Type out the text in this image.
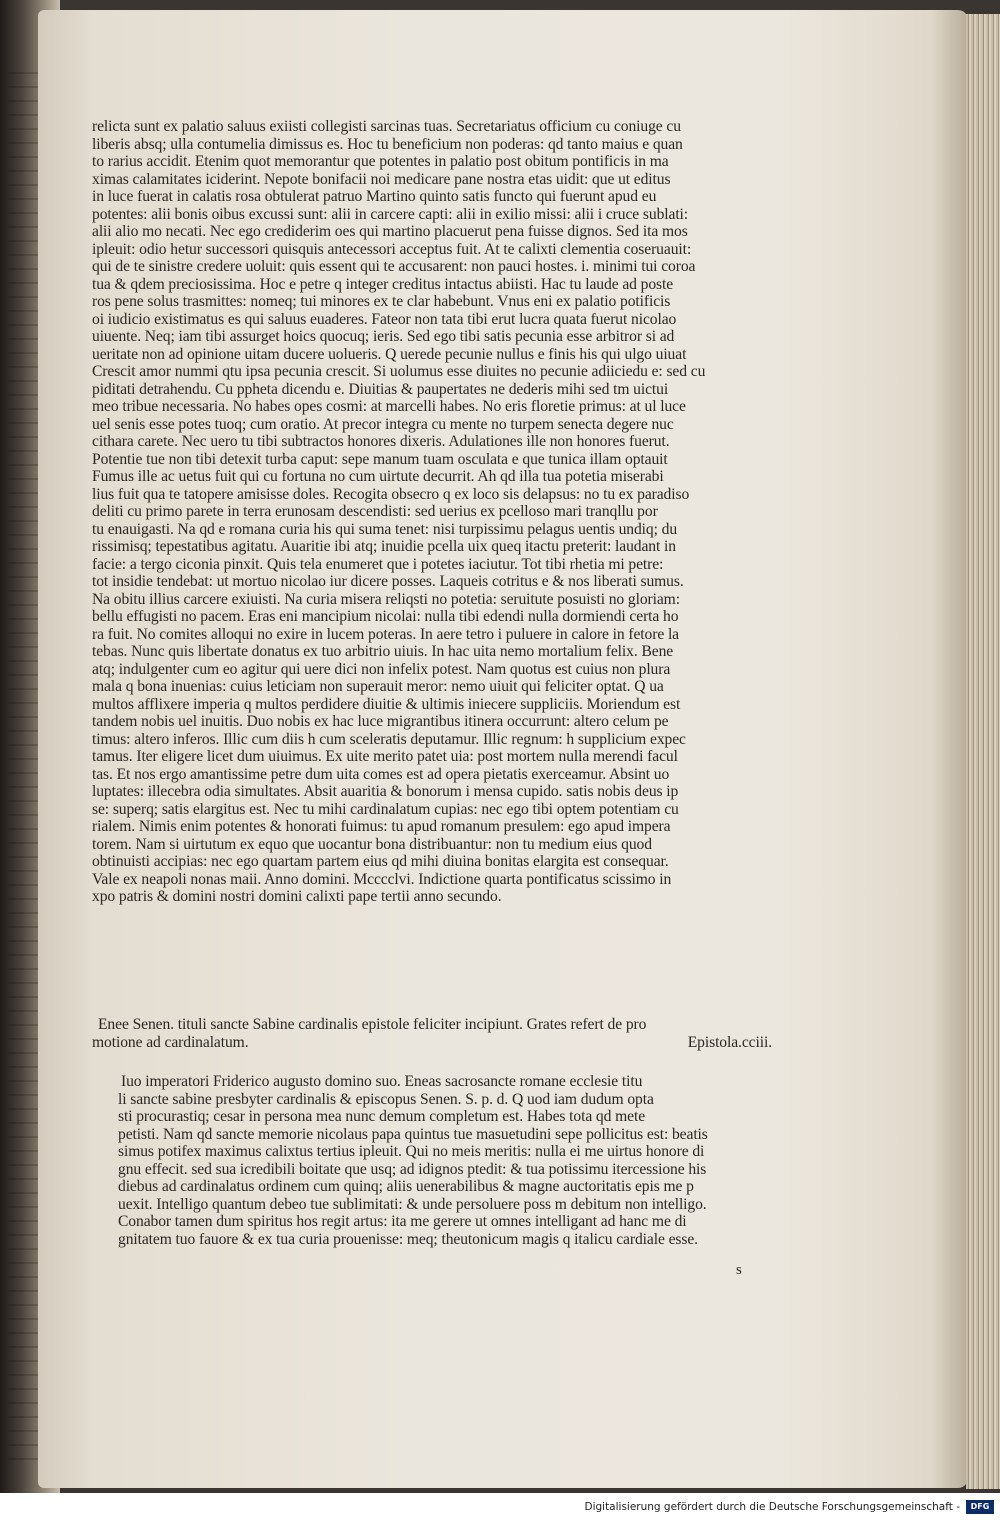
relicta sunt ex palatio saluus exiisti collegisti sarcinas tuas. Secretariatus officium cu coniuge cu
liberis absq; ulla contumelia dimissus es. Hoc tu beneficium non poderas: qd tanto maius e quan
to rarius accidit. Etenim quot memorantur que potentes in palatio post obitum pontificis in ma
ximas calamitates iciderint. Nepote bonifacii noi medicare pane nostra etas uidit: que ut editus
in luce fuerat in calatis rosa obtulerat patruo Martino quinto satis functo qui fuerunt apud eu
potentes: alii bonis oibus excussi sunt: alii in carcere capti: alii in exilio missi: alii i cruce sublati:
alii alio mo necati. Nec ego crediderim oes qui martino placuerut pena fuisse dignos. Sed ita mos
ipleuit: odio hetur successori quisquis antecessori acceptus fuit. At te calixti clementia coseruauit:
qui de te sinistre credere uoluit: quis essent qui te accusarent: non pauci hostes. i. minimi tui coroa
tua & qdem preciosissima. Hoc e petre q integer creditus intactus abiisti. Hac tu laude ad poste
ros pene solus trasmittes: nomeq; tui minores ex te clar habebunt. Vnus eni ex palatio potificis
oi iudicio existimatus es qui saluus euaderes. Fateor non tata tibi erut lucra quata fuerut nicolao
uiuente. Neq; iam tibi assurget hoics quocuq; ieris. Sed ego tibi satis pecunia esse arbitror si ad
ueritate non ad opinione uitam ducere uolueris. Q uerede pecunie nullus e finis his qui ulgo uiuat
Crescit amor nummi qtu ipsa pecunia crescit. Si uolumus esse diuites no pecunie adiiciedu e: sed cu
piditati detrahendu. Cu ppheta dicendu e. Diuitias & paupertates ne dederis mihi sed tm uictui
meo tribue necessaria. No habes opes cosmi: at marcelli habes. No eris floretie primus: at ul luce
uel senis esse potes tuoq; cum oratio. At precor integra cu mente no turpem senecta degere nuc
cithara carete. Nec uero tu tibi subtractos honores dixeris. Adulationes ille non honores fuerut.
Potentie tue non tibi detexit turba caput: sepe manum tuam osculata e que tunica illam optauit
Fumus ille ac uetus fuit qui cu fortuna no cum uirtute decurrit. Ah qd illa tua potetia miserabi
lius fuit qua te tatopere amisisse doles. Recogita obsecro q ex loco sis delapsus: no tu ex paradiso
deliti cu primo parete in terra erunosam descendisti: sed uerius ex pcelloso mari tranqllu por
tu enauigasti. Na qd e romana curia his qui suma tenet: nisi turpissimu pelagus uentis undiq; du
rissimisq; tepestatibus agitatu. Auaritie ibi atq; inuidie pcella uix queq itactu preterit: laudant in
facie: a tergo ciconia pinxit. Quis tela enumeret que i potetes iaciutur. Tot tibi rhetia mi petre:
tot insidie tendebat: ut mortuo nicolao iur dicere posses. Laqueis cotritus e & nos liberati sumus.
Na obitu illius carcere exiuisti. Na curia misera reliqsti no potetia: seruitute posuisti no gloriam:
bellu effugisti no pacem. Eras eni mancipium nicolai: nulla tibi edendi nulla dormiendi certa ho
ra fuit. No comites alloqui no exire in lucem poteras. In aere tetro i puluere in calore in fetore la
tebas. Nunc quis libertate donatus ex tuo arbitrio uiuis. In hac uita nemo mortalium felix. Bene
atq; indulgenter cum eo agitur qui uere dici non infelix potest. Nam quotus est cuius non plura
mala q bona inuenias: cuius leticiam non superauit meror: nemo uiuit qui feliciter optat. Q ua
multos afflixere imperia q multos perdidere diuitie & ultimis iniecere suppliciis. Moriendum est
tandem nobis uel inuitis. Duo nobis ex hac luce migrantibus itinera occurrunt: altero celum pe
timus: altero inferos. Illic cum diis h cum sceleratis deputamur. Illic regnum: h supplicium expec
tamus. Iter eligere licet dum uiuimus. Ex uite merito patet uia: post mortem nulla merendi facul
tas. Et nos ergo amantissime petre dum uita comes est ad opera pietatis exerceamur. Absint uo
luptates: illecebra odia simultates. Absit auaritia & bonorum i mensa cupido. satis nobis deus ip
se: superq; satis elargitus est. Nec tu mihi cardinalatum cupias: nec ego tibi optem potentiam cu
rialem. Nimis enim potentes & honorati fuimus: tu apud romanum presulem: ego apud impera
torem. Nam si uirtutum ex equo que uocantur bona distribuantur: non tu medium eius quod
obtinuisti accipias: nec ego quartam partem eius qd mihi diuina bonitas elargita est consequar.
Vale ex neapoli nonas maii. Anno domini. Mcccclvi. Indictione quarta pontificatus scissimo in
xpo patris & domini nostri domini calixti pape tertii anno secundo.
Enee Senen. tituli sancte Sabine cardinalis epistole feliciter incipiunt. Grates refert de pro
motione ad cardinalatum.	Epistola.cciii.
Iuo imperatori Friderico augusto domino suo. Eneas sacrosancte romane ecclesie titu
li sancte sabine presbyter cardinalis & episcopus Senen. S. p. d. Q uod iam dudum opta
sti procurastiq; cesar in persona mea nunc demum completum est. Habes tota qd mete
petisti. Nam qd sancte memorie nicolaus papa quintus tue masuetudini sepe pollicitus est: beatis
simus potifex maximus calixtus tertius ipleuit. Qui no meis meritis: nulla ei me uirtus honore di
gnu effecit. sed sua icredibili boitate que usq; ad idignos ptedit: & tua potissimu itercessione his
diebus ad cardinalatus ordinem cum quinq; aliis uenerabilibus & magne auctoritatis epis me p
uexit. Intelligo quantum debeo tue sublimitati: & unde persoluere poss m debitum non intelligo.
Conabor tamen dum spiritus hos regit artus: ita me gerere ut omnes intelligant ad hanc me di
gnitatem tuo fauore & ex tua curia prouenisse: meq; theutonicum magis q italicu cardiale esse.
s
Digitalisierung gefördert durch die Deutsche Forschungsgemeinschaft -	DFG
